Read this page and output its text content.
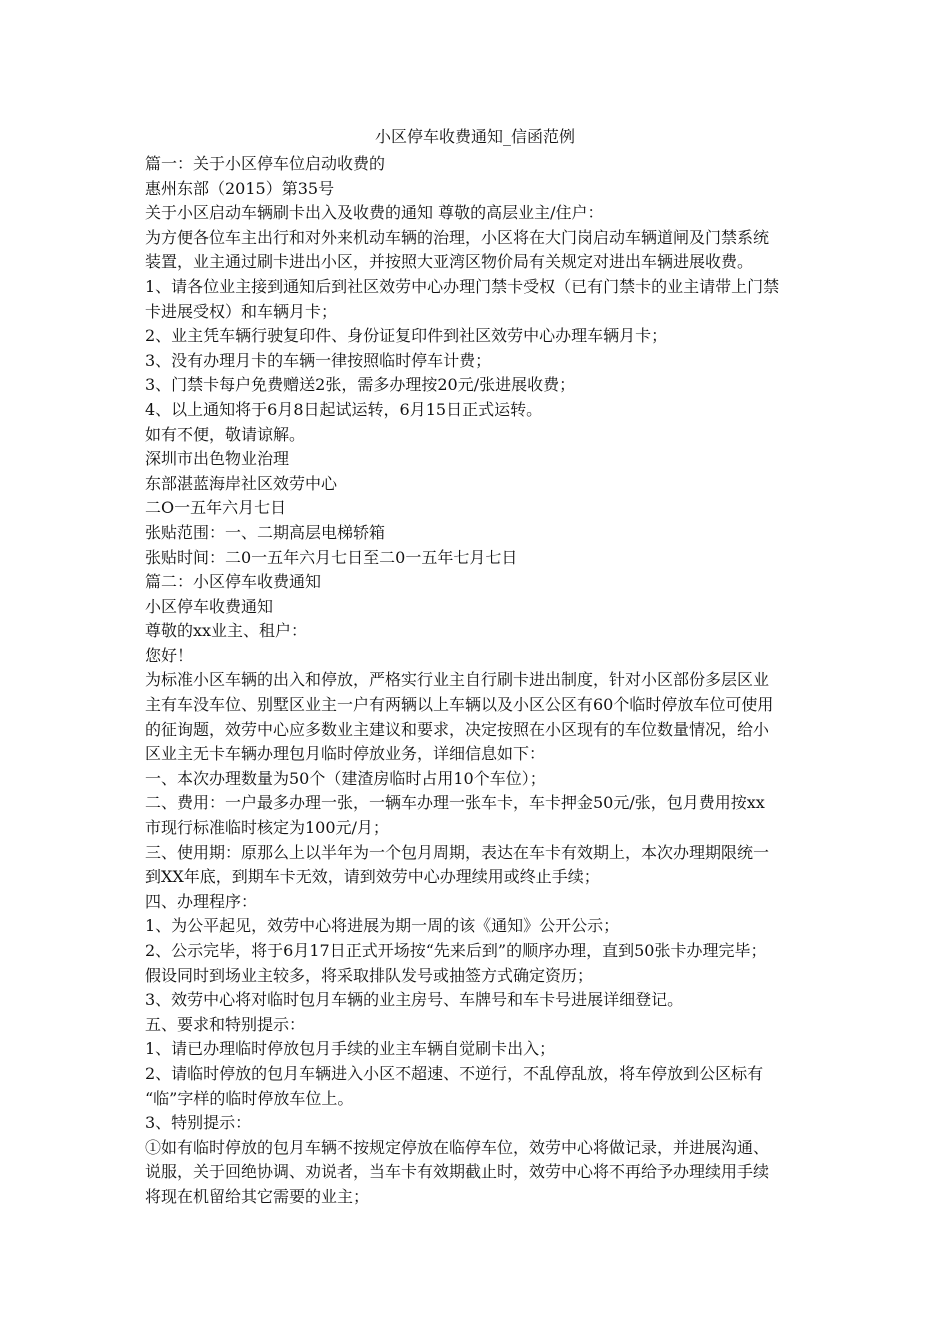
小区停车收费通知_信函范例
篇一：关于小区停车位启动收费的
惠州东部（2015）第35号
关于小区启动车辆刷卡出入及收费的通知 尊敬的高层业主/住户：
为方便各位车主出行和对外来机动车辆的治理，小区将在大门岗启动车辆道闸及门禁系统
装置，业主通过刷卡进出小区，并按照大亚湾区物价局有关规定对进出车辆进展收费。
1、请各位业主接到通知后到社区效劳中心办理门禁卡受权（已有门禁卡的业主请带上门禁
卡进展受权）和车辆月卡；
2、业主凭车辆行驶复印件、身份证复印件到社区效劳中心办理车辆月卡；
3、没有办理月卡的车辆一律按照临时停车计费；
3、门禁卡每户免费赠送2张，需多办理按20元/张进展收费；
4、以上通知将于6月8日起试运转，6月15日正式运转。
如有不便，敬请谅解。
深圳市出色物业治理
东部湛蓝海岸社区效劳中心
二O一五年六月七日
张贴范围：一、二期高层电梯轿箱
张贴时间：二0一五年六月七日至二0一五年七月七日
篇二：小区停车收费通知
小区停车收费通知
尊敬的xx业主、租户：
您好！
为标准小区车辆的出入和停放，严格实行业主自行刷卡进出制度，针对小区部份多层区业
主有车没车位、别墅区业主一户有两辆以上车辆以及小区公区有60个临时停放车位可使用
的征询题，效劳中心应多数业主建议和要求，决定按照在小区现有的车位数量情况，给小
区业主无卡车辆办理包月临时停放业务，详细信息如下：
一、本次办理数量为50个（建渣房临时占用10个车位）；
二、费用：一户最多办理一张，一辆车办理一张车卡，车卡押金50元/张，包月费用按xx
市现行标准临时核定为100元/月；
三、使用期：原那么上以半年为一个包月周期，表达在车卡有效期上，本次办理期限统一
到XX年底，到期车卡无效，请到效劳中心办理续用或终止手续；
四、办理程序：
1、为公平起见，效劳中心将进展为期一周的该《通知》公开公示；
2、公示完毕，将于6月17日正式开场按“先来后到”的顺序办理，直到50张卡办理完毕；
假设同时到场业主较多，将采取排队发号或抽签方式确定资历；
3、效劳中心将对临时包月车辆的业主房号、车牌号和车卡号进展详细登记。
五、要求和特别提示：
1、请已办理临时停放包月手续的业主车辆自觉刷卡出入；
2、请临时停放的包月车辆进入小区不超速、不逆行，不乱停乱放，将车停放到公区标有
“临”字样的临时停放车位上。
3、特别提示：
①如有临时停放的包月车辆不按规定停放在临停车位，效劳中心将做记录，并进展沟通、
说服，关于回绝协调、劝说者，当车卡有效期截止时，效劳中心将不再给予办理续用手续
将现在机留给其它需要的业主；
